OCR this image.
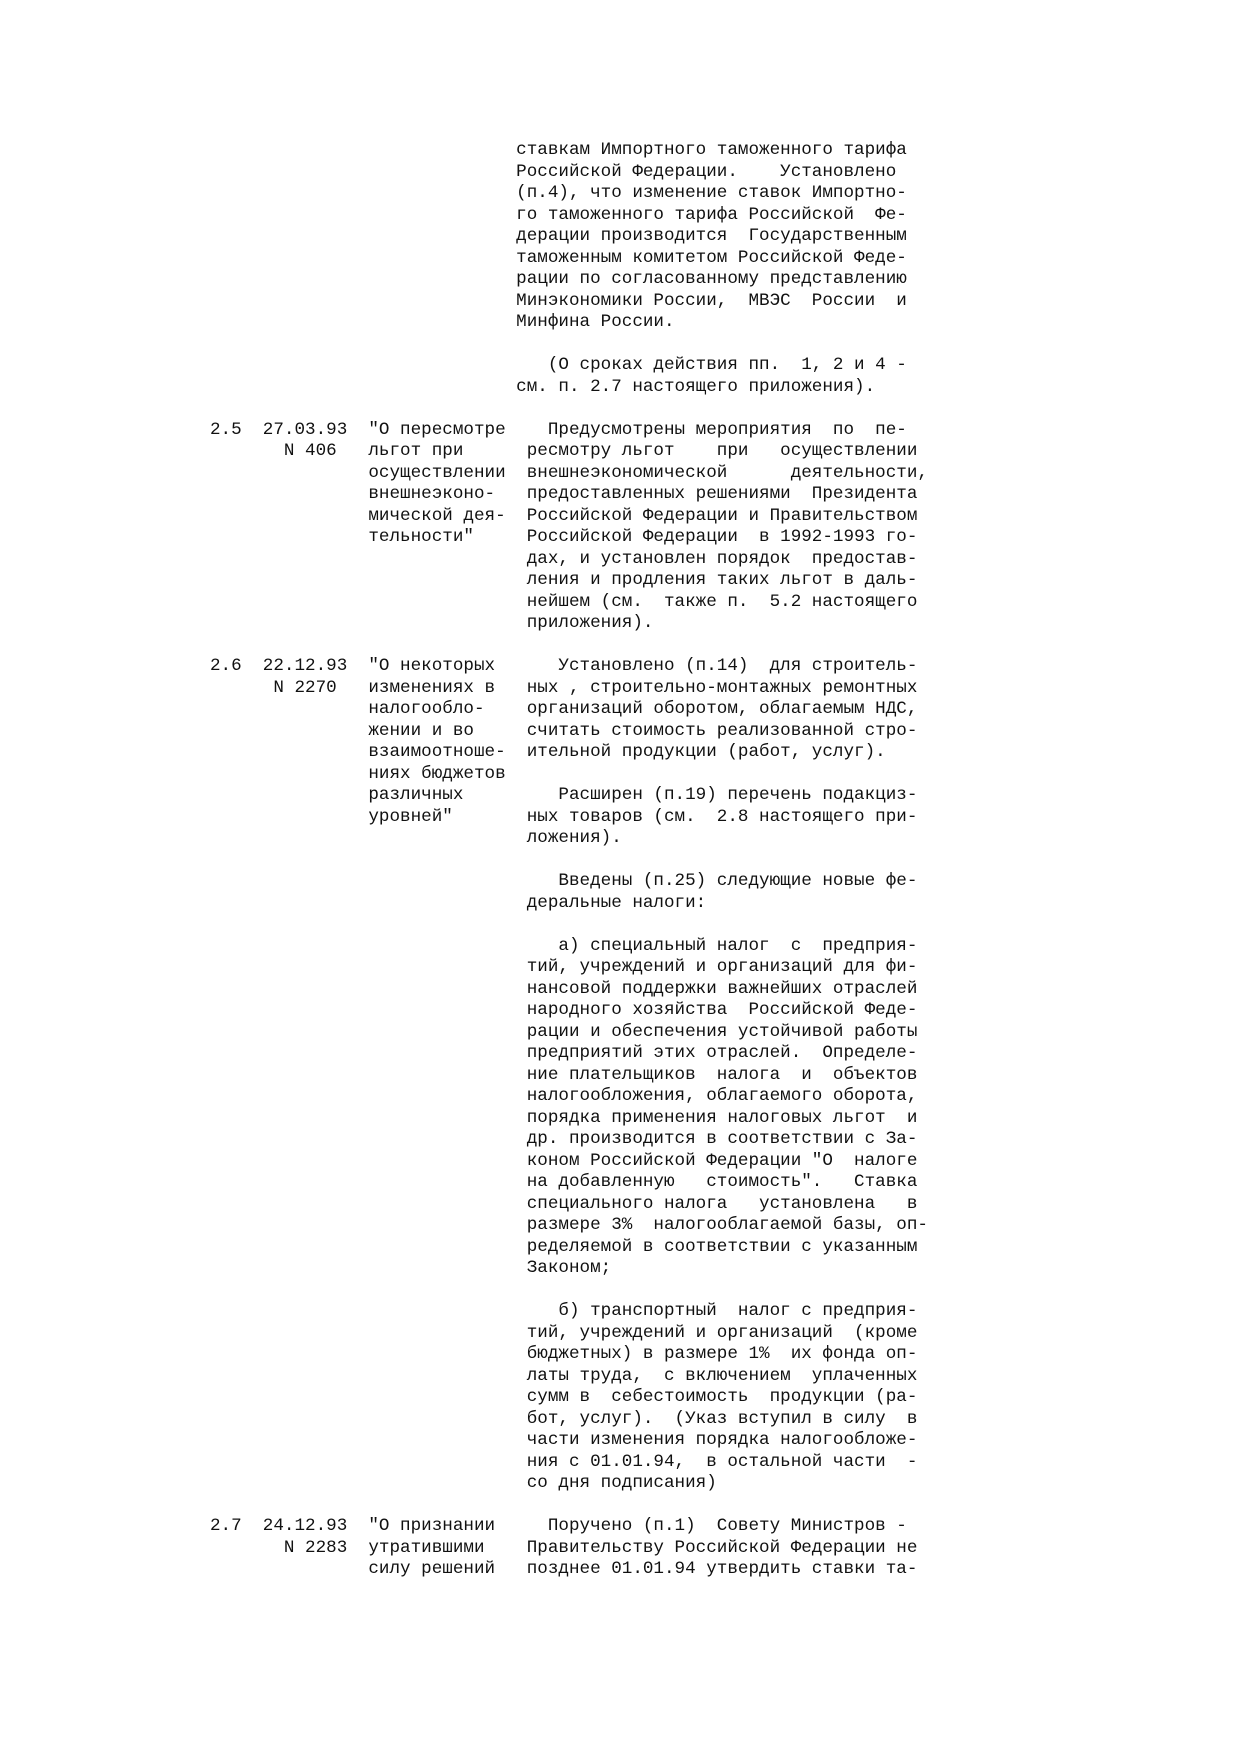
ставкам Импортного таможенного тарифа

Российской Федерации.    Установлено

(п.4), что изменение ставок Импортно-

го таможенного тарифа Российской  Фе-

дерации производится  Государственным

таможенным комитетом Российской Феде-

рации по согласованному представлению

Минэкономики России,  МВЭС  России  и

Минфина России.

(О сроках действия пп.  1, 2 и 4 -

см. п. 2.7 настоящего приложения).

2.5  27.03.93  "О пересмотре    Предусмотрены мероприятия  по  пе-

N 406   льгот при      ресмотру льгот    при   осуществлении

осуществлении  внешнеэкономической      деятельности,

внешнеэконо-   предоставленных решениями  Президента

мической дея-  Российской Федерации и Правительством

тельности"     Российской Федерации  в 1992-1993 го-

дах, и установлен порядок  предостав-

ления и продления таких льгот в даль-

нейшем (см.  также п.  5.2 настоящего

приложения).

2.6  22.12.93  "О некоторых      Установлено (п.14)  для строитель-

N 2270   изменениях в   ных , строительно-монтажных ремонтных

налогообло-    организаций оборотом, облагаемым НДС,

жении и во     считать стоимость реализованной стро-

взаимоотноше-  ительной продукции (работ, услуг).

ниях бюджетов

различных         Расширен (п.19) перечень подакциз-

уровней"       ных товаров (см.  2.8 настоящего при-

ложения).

Введены (п.25) следующие новые фе-

деральные налоги:

а) специальный налог  с  предприя-

тий, учреждений и организаций для фи-

нансовой поддержки важнейших отраслей

народного хозяйства  Российской Феде-

рации и обеспечения устойчивой работы

предприятий этих отраслей.  Определе-

ние плательщиков  налога  и  объектов

налогообложения, облагаемого оборота,

порядка применения налоговых льгот  и

др. производится в соответствии с За-

коном Российской Федерации "О  налоге

на добавленную   стоимость".   Ставка

специального налога   установлена   в

размере 3%  налогооблагаемой базы, оп-

ределяемой в соответствии с указанным

Законом;

б) транспортный  налог с предприя-

тий, учреждений и организаций  (кроме

бюджетных) в размере 1%  их фонда оп-

латы труда,  с включением  уплаченных

сумм в  себестоимость  продукции (ра-

бот, услуг).  (Указ вступил в силу  в

части изменения порядка налогообложе-

ния с 01.01.94,  в остальной части  -

со дня подписания)

2.7  24.12.93  "О признании     Поручено (п.1)  Совету Министров -

N 2283  утратившими    Правительству Российской Федерации не

силу решений   позднее 01.01.94 утвердить ставки та-
